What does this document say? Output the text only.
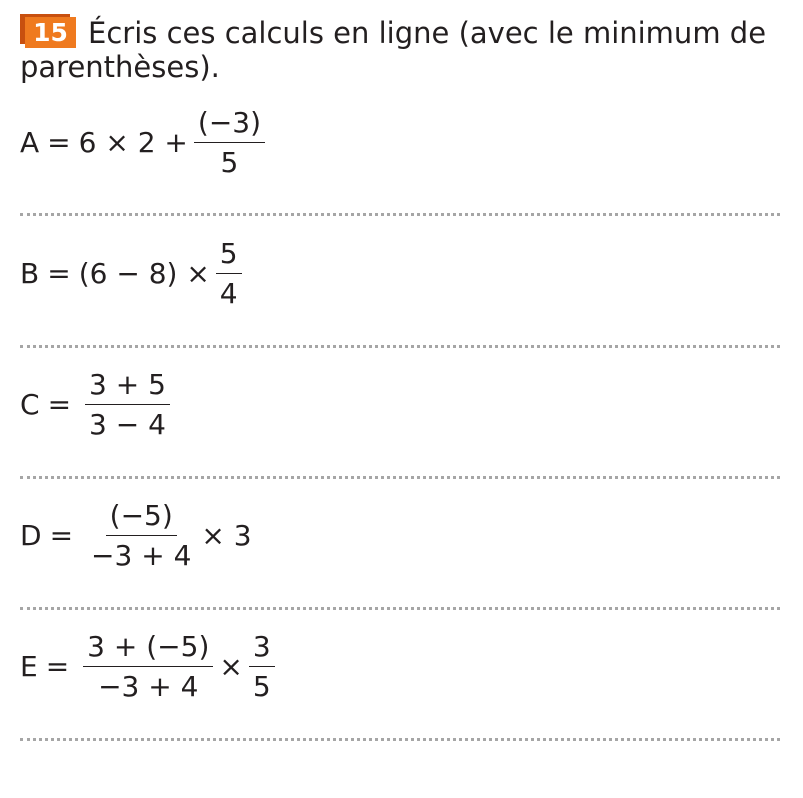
15 Écris ces calculs en ligne (avec le minimum de parenthèses).
$A = 6 \times 2 + \frac{(-3)}{5}$
$B = (6 - 8) \times \frac{5}{4}$
$C = \frac{3 + 5}{3 - 4}$
$D = \frac{(-5)}{-3 + 4} \times 3$
$E = \frac{3 + (-5)}{-3 + 4} \times \frac{3}{5}$
